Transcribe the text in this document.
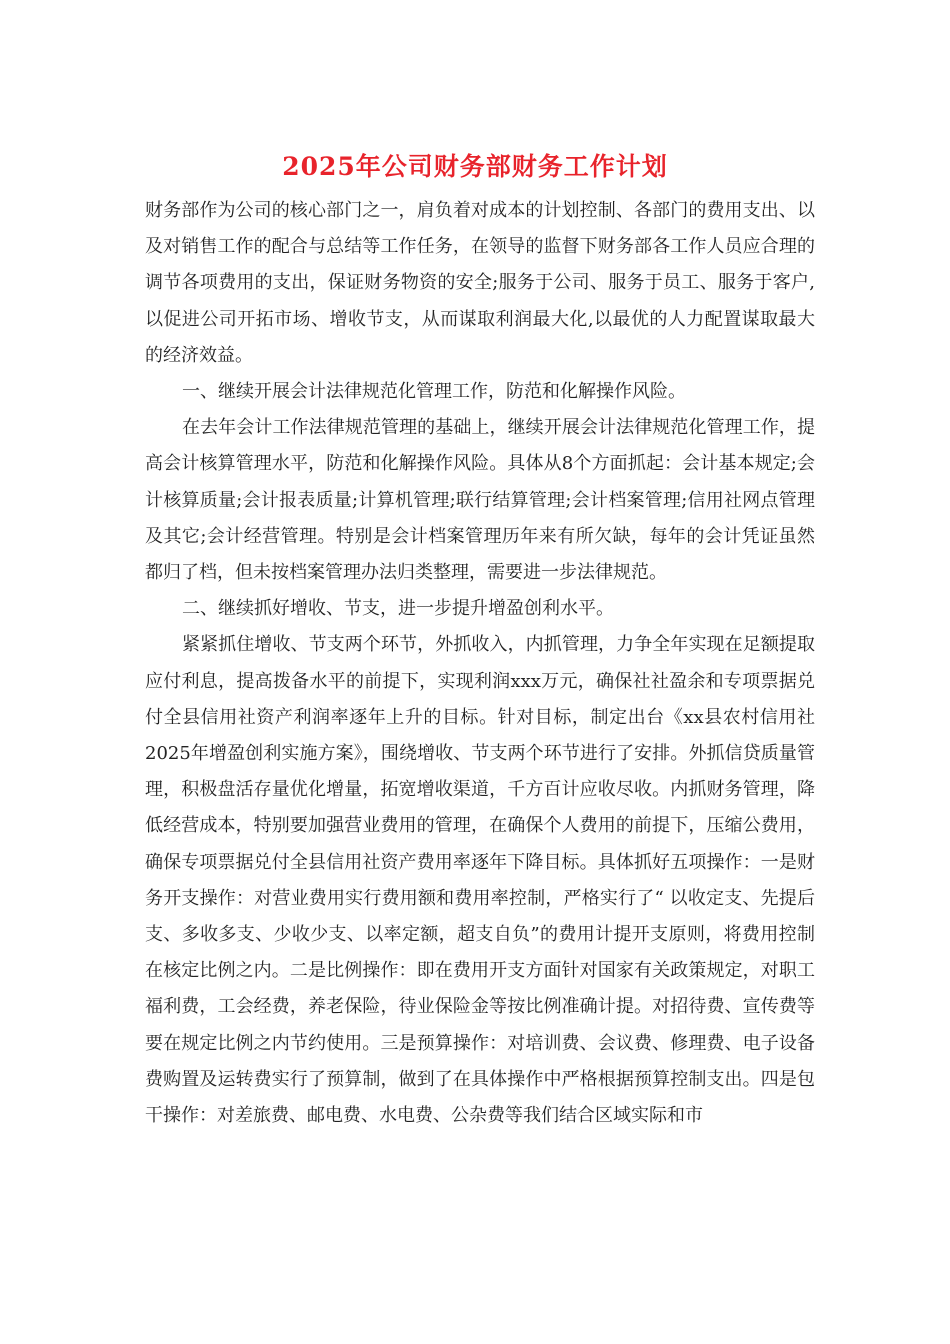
2025年公司财务部财务工作计划

财务部作为公司的核心部门之一，肩负着对成本的计划控制、各部门的费用支出、以及对销售工作的配合与总结等工作任务，在领导的监督下财务部各工作人员应合理的调节各项费用的支出，保证财务物资的安全;服务于公司、服务于员工、服务于客户,以促进公司开拓市场、增收节支，从而谋取利润最大化,以最优的人力配置谋取最大的经济效益。

一、继续开展会计法律规范化管理工作，防范和化解操作风险。

在去年会计工作法律规范管理的基础上，继续开展会计法律规范化管理工作，提高会计核算管理水平，防范和化解操作风险。具体从8个方面抓起：会计基本规定;会计核算质量;会计报表质量;计算机管理;联行结算管理;会计档案管理;信用社网点管理及其它;会计经营管理。特别是会计档案管理历年来有所欠缺，每年的会计凭证虽然都归了档，但未按档案管理办法归类整理，需要进一步法律规范。

二、继续抓好增收、节支，进一步提升增盈创利水平。

紧紧抓住增收、节支两个环节，外抓收入，内抓管理，力争全年实现在足额提取应付利息，提高拨备水平的前提下，实现利润xxx万元，确保社社盈余和专项票据兑付全县信用社资产利润率逐年上升的目标。针对目标，制定出台《xx县农村信用社2025年增盈创利实施方案》，围绕增收、节支两个环节进行了安排。外抓信贷质量管理，积极盘活存量优化增量，拓宽增收渠道，千方百计应收尽收。内抓财务管理，降低经营成本，特别要加强营业费用的管理，在确保个人费用的前提下，压缩公费用，确保专项票据兑付全县信用社资产费用率逐年下降目标。具体抓好五项操作：一是财务开支操作：对营业费用实行费用额和费用率控制，严格实行了“ 以收定支、先提后支、多收多支、少收少支、以率定额，超支自负”的费用计提开支原则，将费用控制在核定比例之内。二是比例操作：即在费用开支方面针对国家有关政策规定，对职工福利费，工会经费，养老保险，待业保险金等按比例准确计提。对招待费、宣传费等要在规定比例之内节约使用。三是预算操作：对培训费、会议费、修理费、电子设备费购置及运转费实行了预算制，做到了在具体操作中严格根据预算控制支出。四是包干操作：对差旅费、邮电费、水电费、公杂费等我们结合区域实际和市
